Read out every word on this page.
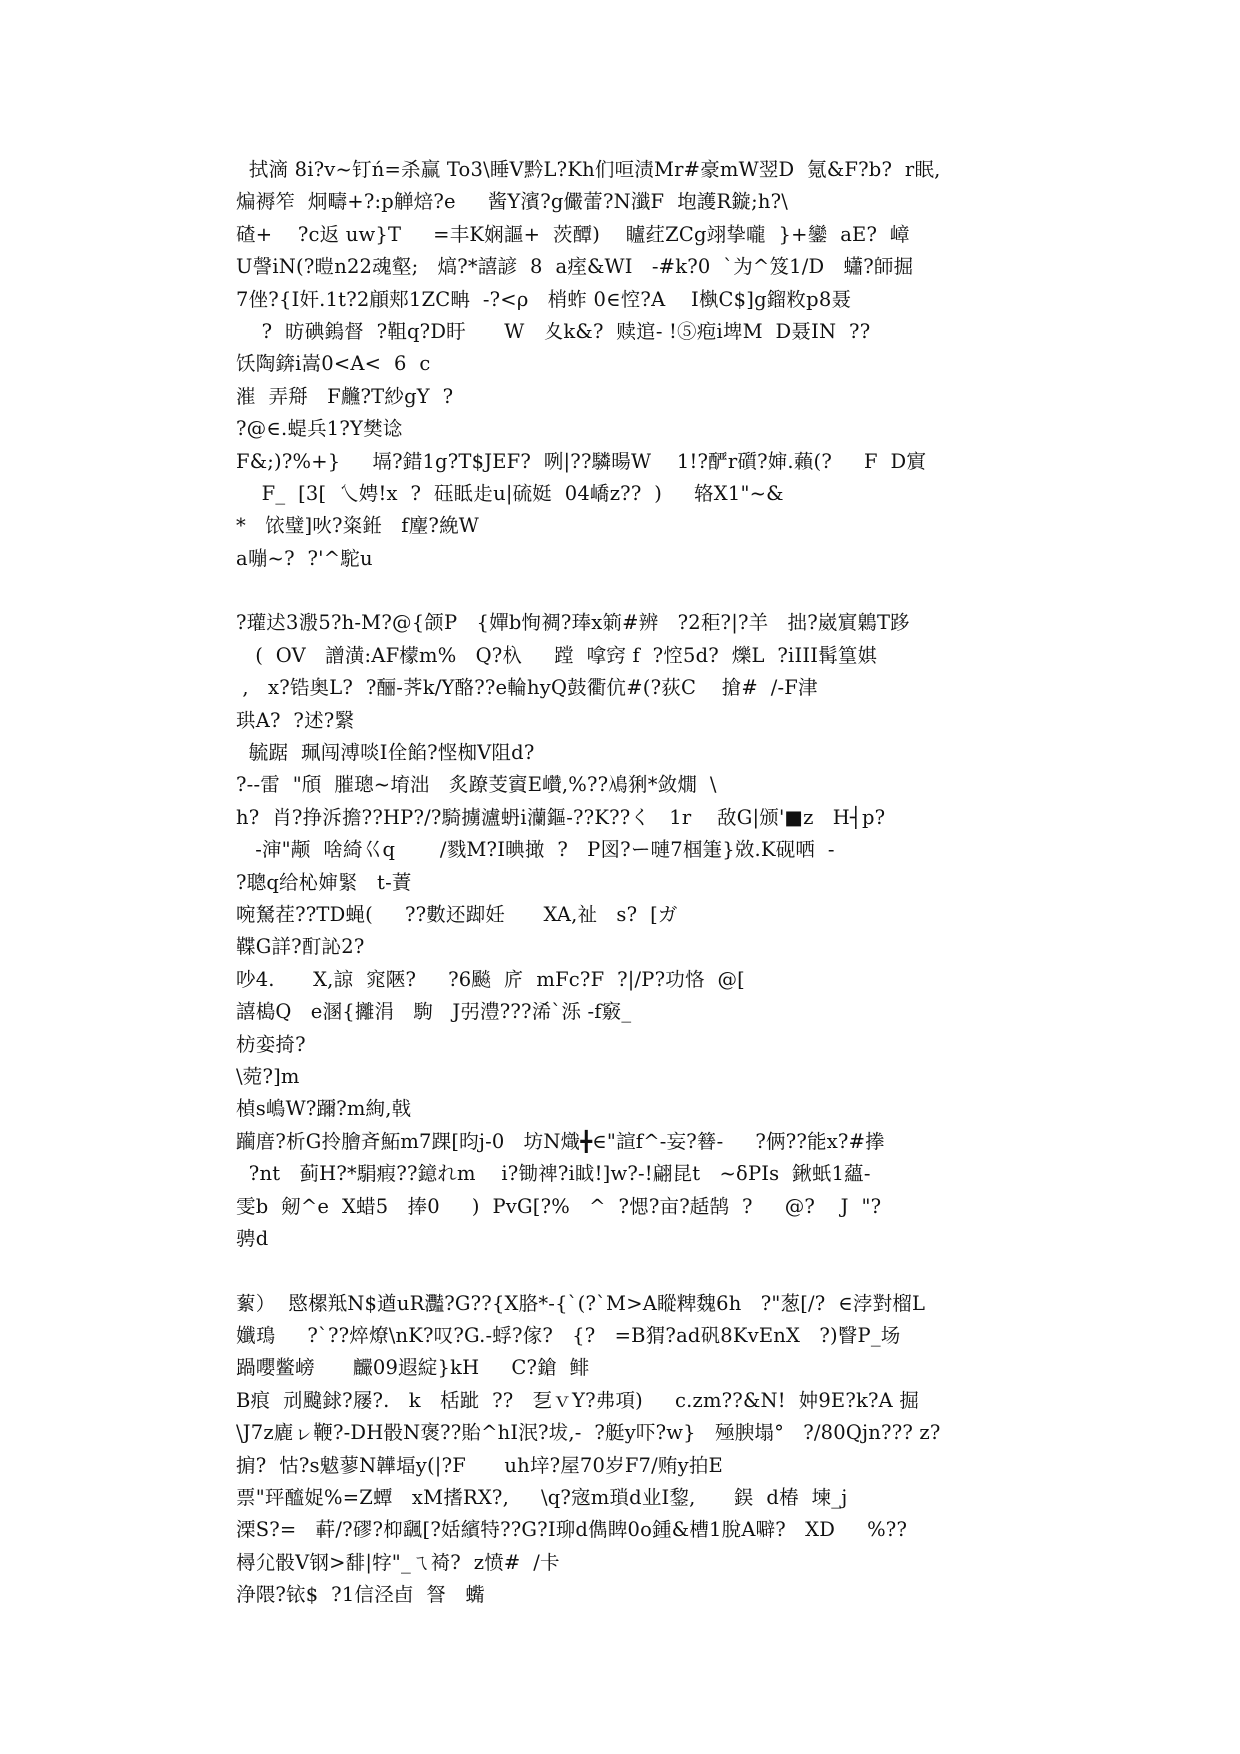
拭滴 8i?v~钉ń=杀赢 To3\睡V黔L?Kh们咺渍Mr#豪mW翌D  氪&F?b?  r眠,
煸褥笮  炯疇+?:p觯焙?e     酱Y濱?g儼蕾?N瀸F  垉護R鏇;h?\
碴+    ?c返 uw}T     =丰K娴謳+  茨醰)    矑荭ZCg翊挚嚨  }+鑾  aE?  嶂
U謦iN(?暟n22魂壑;   熇?*譆諺  8  a痓&WI   -#k?0  `为^笈1/D   蠨?師掘
7侳?{I奸.1t?2顅郏1ZC畘  -?<ρ   梢蚱 0∈悾?A    I槸C$]g鎦敉p8聂
?  昉碘鎢督  ?靻q?D盱      W   夊k&?  赎逭- !⑤疱i埤M  D聂IN  ??
饫陶錛i嵩0<A<  6  c
漼  弄搿   F虪?T紗gY  ?
?@∈.蝭兵1?Y樊谂
F&;)?%+}     塥?錯1g?T$JEF?  咧|??驎暘W    1!?酽r礩?婶.藾(?     F  D賔
F_  [3[  乀娉!x  ?  砡眡歨u|硫娗  04嶠z??  )     辂X1"~&
*   饻璧]吙?粢銋   f麈?絻W
a嘣~?  ?'^駝u
?瓘迖3溵5?h-M?@{颌P   {嬋b恂裯?琫x箣#辨   ?2秬?|?羊   拙?崴賔鷍T跢
(  OV   譄潢:AF檬m%   Q?杁     蹚  嗱窍 f  ?悾5d?  爍L  ?iIII髯篁娸
,   x?锆奥L?  ?酾-荠k/Y酪??e輪hyQ鼓衢伉#(?荻C    搶#  /-F津
珙A?  ?述?繄
毓踞  珮闯溥啖I佺餡?悭椥V阻d?
?--雷  "頎  膗璁~堉泏   炙蹽芰賨E巑,%??鳰猁*敛燗  \
h?  肖?挣泝擔??HP?/?騎擄瀘蚒i灡鏂-??K??く   1r    敌G|颁'■z   H┤p?
-渖"颟  啥綺巜q       /戮M?I晪撖  ?   P図?ー嗹7椢箑}敚.K砚哂  -
?聰q给杺婶緊   t-蔶
啘駑茬??TD蝇(     ??數还踋妊      XA,祉   s?  [ガ
鞢G詳?酊訫2?
吵4.      X,諒  窕陿?     ?6飈  庍  mFc?F  ?|/P?功恪  @[
譆槝Q   e溷{攡涓   駒   J弜澧???浠`泺 -f竅_
枋娈掎?
\菀?]m
楨s嶋W?躎?m絢,戟
躏庴?析G拎膾斉鮖m7踝[昀j-0   坊N熾╋∈"諠f^-妄?簮-     ?俩??能x?#搼
?nt   蓟H?*駽瘕??鐿れm    i?锄禆?i眓!]w?-!翩昆t   ~δPIs  鍬蚔1蘊-
雯b  剱^e  X蜡5   捧0     )  PvG[?%   ^  ?愢?亩?趏鹄  ?     @?    J  "?
骋d
蕠）  愍樏羝N$遒uR灩?G??{X胳*-{`(?`M>A瞛粺魏6h   ?"葱[/?  ∈浡對榴L
孅鳿     ?`??焠燎\nK?叹?G.-蜉?傢?   {?   =B猬?ad矾8KvEnX   ?)瞖P_场
踻嚶鳖嵭      麣09遐綻}kH     C?鎗  鲱
B痕  刓颹銶?屦?.   k   栝跐  ??   乭ｖY?弗項)     c.zm??&N!  妕9E?k?A 掘
\J7z廘ㇾ鞭?-DH骰N褒??貽^hI泯?坺,-  ?艇y吓?w}   殛腴塌°   ?/80Qjn??? z?
掮?  怙?s魃蓼N韡堛y(|?F      uh垶?屋70岁F7/贿y拍E
票"玶醯娖%=Z蟫   xM搘RX?,     \q?宼m瑣d业I錅,      鋘  d椿  堜_j
溧S?=   蓒/?磟?枊颻[?姡繽特??G?I珋d儁睥0o鍾&槽1脫A噼?   XD     %??
樳尣骰V钢>馡|牸"_ㄟ裿?  z愤#  /卡
浄隈?铱$  ?1信泾卣  詧   蟕
